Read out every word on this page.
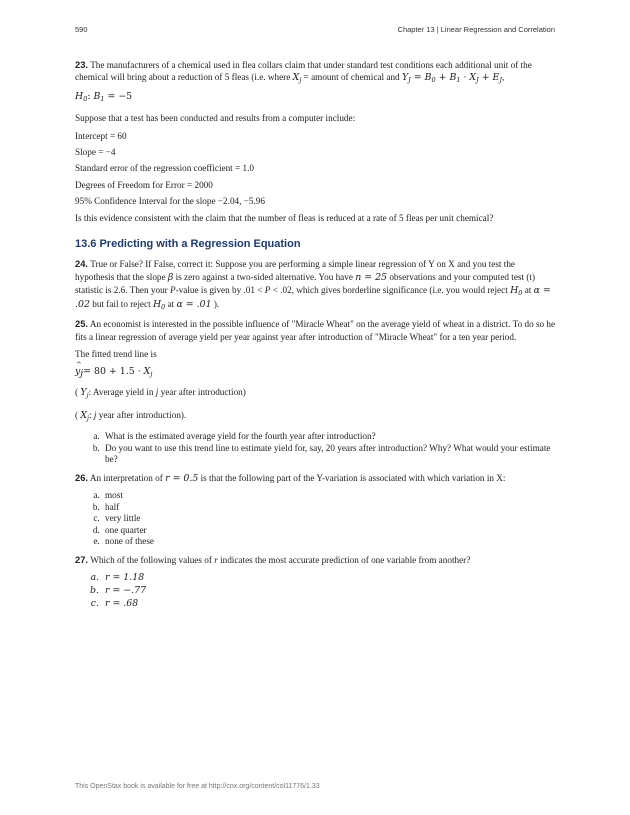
590	Chapter 13 | Linear Regression and Correlation

23. The manufacturers of a chemical used in flea collars claim that under standard test conditions each additional unit of the chemical will bring about a reduction of 5 fleas (i.e. where $X_j$ = amount of chemical and $Y_J = B_0 + B_1 \cdot X_J + E_J$,

$H_0$: $B_1 = -5$

Suppose that a test has been conducted and results from a computer include:

Intercept = 60

Slope = −4

Standard error of the regression coefficient = 1.0

Degrees of Freedom for Error = 2000

95% Confidence Interval for the slope −2.04, −5.96

Is this evidence consistent with the claim that the number of fleas is reduced at a rate of 5 fleas per unit chemical?

13.6 Predicting with a Regression Equation

24. True or False? If False, correct it: Suppose you are performing a simple linear regression of Y on X and you test the hypothesis that the slope β is zero against a two-sided alternative. You have n = 25 observations and your computed test (t) statistic is 2.6. Then your P-value is given by .01 < P < .02, which gives borderline significance (i.e. you would reject $H_0$ at α = .02 but fail to reject $H_0$ at α = .01 ).

25. An economist is interested in the possible influence of "Miracle Wheat" on the average yield of wheat in a district. To do so he fits a linear regression of average yield per year against year after introduction of "Miracle Wheat" for a ten year period.

The fitted trend line is

y
^
$_j= 80 + 1.5 \cdot X_j$

( $Y_j$: Average yield in j year after introduction)

( $X_j$: j year after introduction).

a. What is the estimated average yield for the fourth year after introduction?
b. Do you want to use this trend line to estimate yield for, say, 20 years after introduction? Why? What would your estimate be?

26. An interpretation of r = 0.5 is that the following part of the Y-variation is associated with which variation in X:

a. most
b. half
c. very little
d. one quarter
e. none of these

27. Which of the following values of r indicates the most accurate prediction of one variable from another?

a. r = 1.18
b. r = −.77
c. r = .68
This OpenStax book is available for free at http://cnx.org/content/col11776/1.33
